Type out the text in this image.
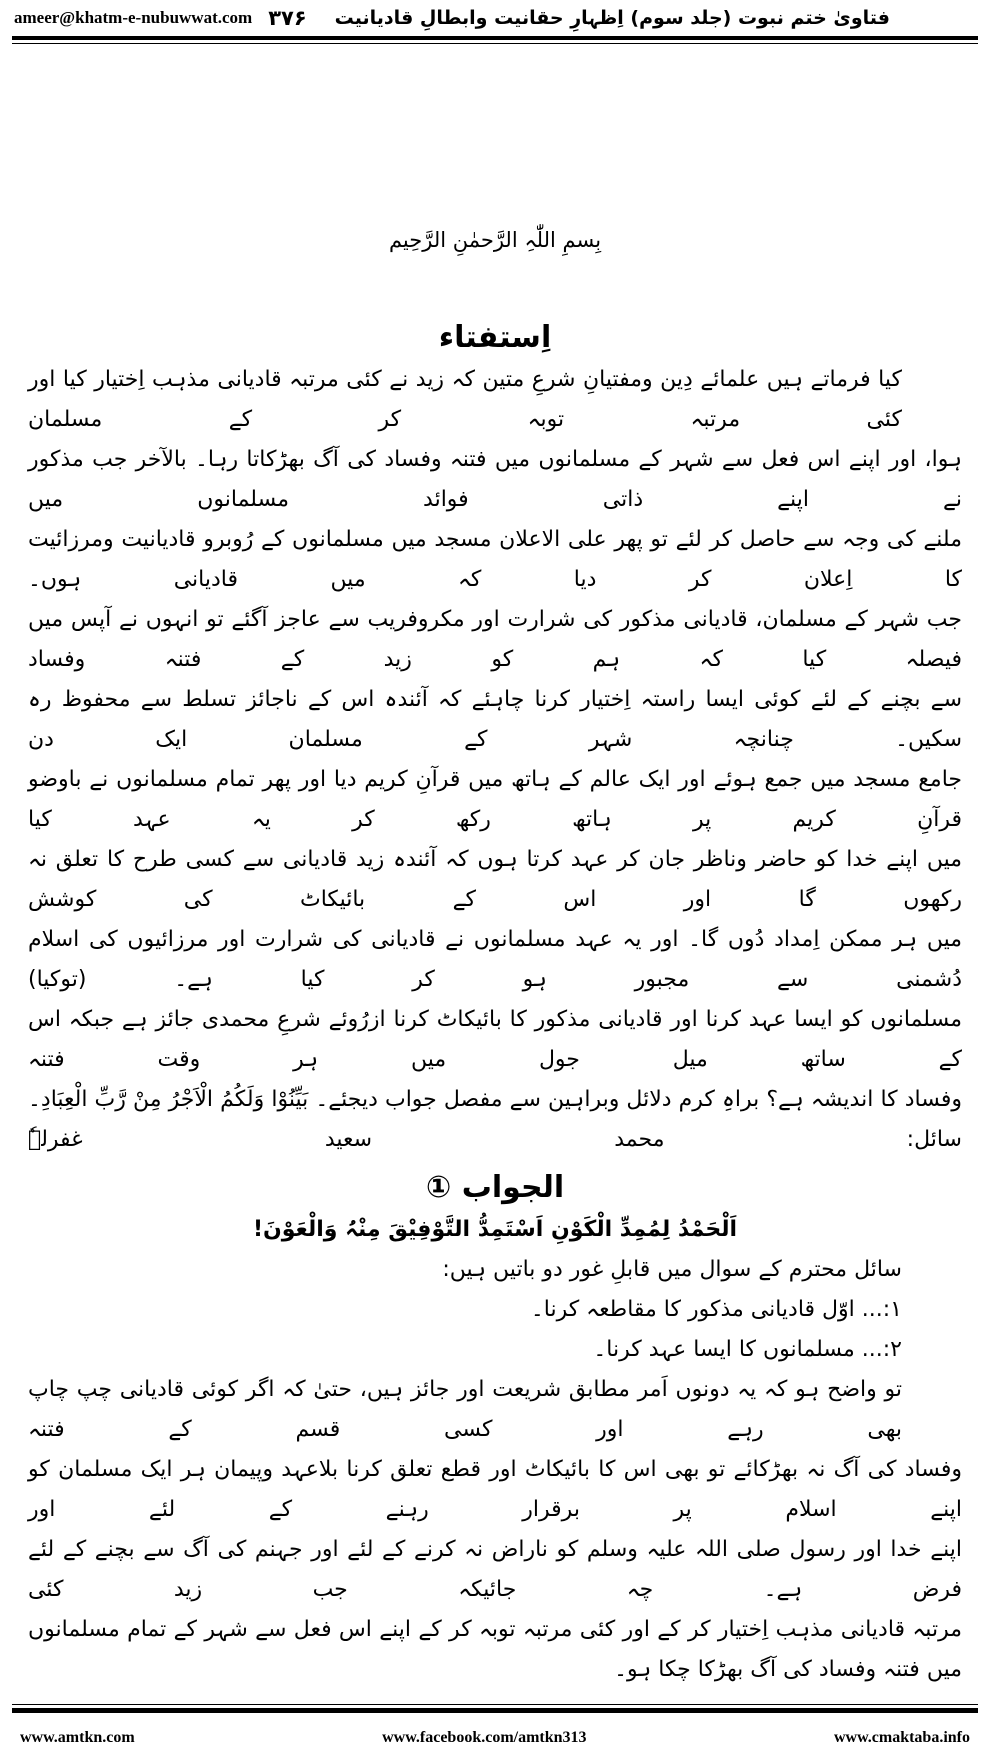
ameer@khatm-e-nubuwwat.com ۳۷۶ فتاویٰ ختم نبوت (جلد سوم) اِظہارِ حقانیت وابطالِ قادیانیت
بِسمِ اللّٰہِ الرَّحمٰنِ الرَّحِیم
اِستفتاء
کیا فرماتے ہیں علمائے دِین ومفتیانِ شرعِ متین کہ زید نے کئی مرتبہ قادیانی مذہب اِختیار کیا اور کئی مرتبہ توبہ کر کے مسلمان
ہوا، اور اپنے اس فعل سے شہر کے مسلمانوں میں فتنہ وفساد کی آگ بھڑکاتا رہا۔ بالآخر جب مذکور نے اپنے ذاتی فوائد مسلمانوں میں
ملنے کی وجہ سے حاصل کر لئے تو پھر علی الاعلان مسجد میں مسلمانوں کے رُوبرو قادیانیت ومرزائیت کا اِعلان کر دیا کہ میں قادیانی ہوں۔
جب شہر کے مسلمان، قادیانی مذکور کی شرارت اور مکروفریب سے عاجز آگئے تو انہوں نے آپس میں فیصلہ کیا کہ ہم کو زید کے فتنہ وفساد
سے بچنے کے لئے کوئی ایسا راستہ اِختیار کرنا چاہئے کہ آئندہ اس کے ناجائز تسلط سے محفوظ رہ سکیں۔ چنانچہ شہر کے مسلمان ایک دن
جامع مسجد میں جمع ہوئے اور ایک عالم کے ہاتھ میں قرآنِ کریم دیا اور پھر تمام مسلمانوں نے باوضو قرآنِ کریم پر ہاتھ رکھ کر یہ عہد کیا
میں اپنے خدا کو حاضر وناظر جان کر عہد کرتا ہوں کہ آئندہ زید قادیانی سے کسی طرح کا تعلق نہ رکھوں گا اور اس کے بائیکاٹ کی کوشش
میں ہر ممکن اِمداد دُوں گا۔ اور یہ عہد مسلمانوں نے قادیانی کی شرارت اور مرزائیوں کی اسلام دُشمنی سے مجبور ہو کر کیا ہے۔ (توکیا)
مسلمانوں کو ایسا عہد کرنا اور قادیانی مذکور کا بائیکاٹ کرنا ازرُوئے شرعِ محمدی جائز ہے جبکہ اس کے ساتھ میل جول میں ہر وقت فتنہ
وفساد کا اندیشہ ہے؟ براہِ کرم دلائل وبراہین سے مفصل جواب دیجئے۔ بَیِّنُوْا وَلَکُمُ الْاَجْرُ مِنْ رَّبِّ الْعِبَادِ۔ سائل: محمد سعید غفرلہٗ
الجواب ①
اَلْحَمْدُ لِمُمِدِّ الْکَوْنِ اَسْتَمِدُّ التَّوْفِیْقَ مِنْہُ وَالْعَوْنَ!
سائل محترم کے سوال میں قابلِ غور دو باتیں ہیں:
۱:... اوّل قادیانی مذکور کا مقاطعہ کرنا۔
۲:... مسلمانوں کا ایسا عہد کرنا۔
تو واضح ہو کہ یہ دونوں اَمر مطابق شریعت اور جائز ہیں، حتیٰ کہ اگر کوئی قادیانی چپ چاپ بھی رہے اور کسی قسم کے فتنہ
وفساد کی آگ نہ بھڑکائے تو بھی اس کا بائیکاٹ اور قطع تعلق کرنا بلاعہد وپیمان ہر ایک مسلمان کو اپنے اسلام پر برقرار رہنے کے لئے اور
اپنے خدا اور رسول صلی اللہ علیہ وسلم کو ناراض نہ کرنے کے لئے اور جہنم کی آگ سے بچنے کے لئے فرض ہے۔ چہ جائیکہ جب زید کئی
مرتبہ قادیانی مذہب اِختیار کر کے اور کئی مرتبہ توبہ کر کے اپنے اس فعل سے شہر کے تمام مسلمانوں میں فتنہ وفساد کی آگ بھڑکا چکا ہو۔
www.amtkn.com	www.facebook.com/amtkn313	www.cmaktaba.info
